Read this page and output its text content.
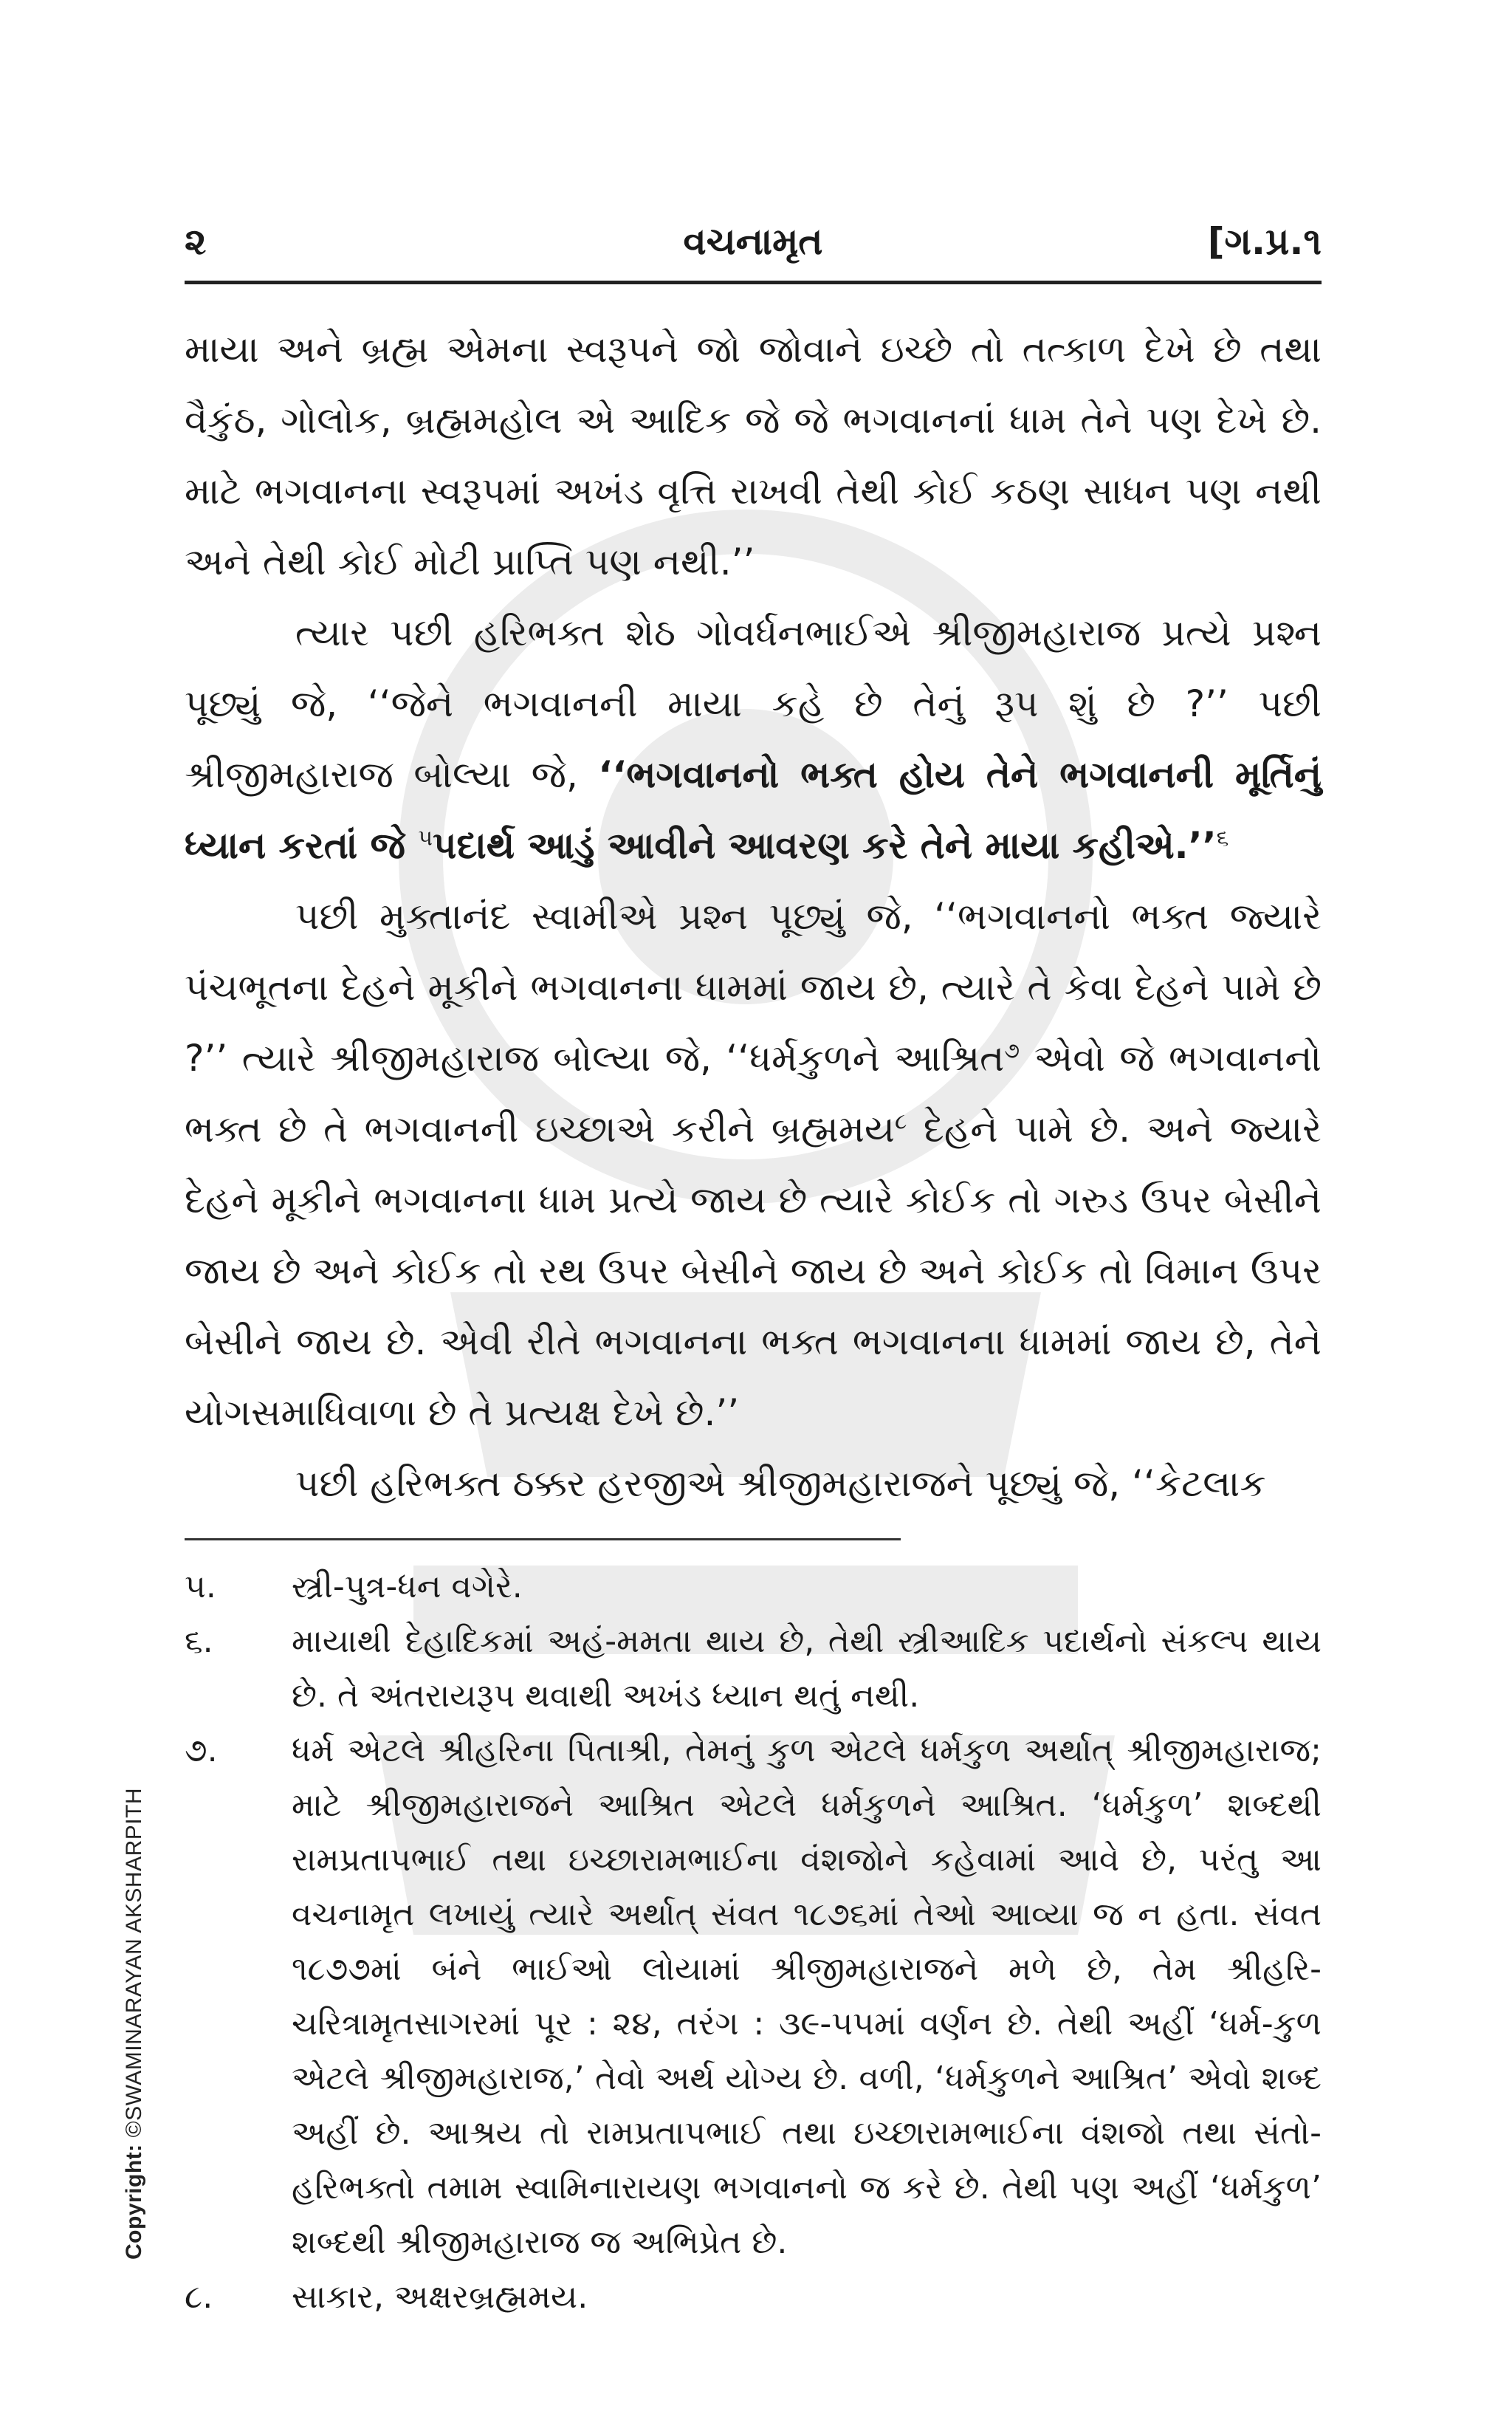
૨	વચનામૃત	[ગ.પ્ર.૧

માયા અને બ્રહ્મ એમના સ્વરૂપને જો જોવાને ઇચ્છે તો તત્કાળ દેખે છે તથા વૈકુંઠ, ગોલોક, બ્રહ્મમહોલ એ આદિક જે જે ભગવાનનાં ધામ તેને પણ દેખે છે. માટે ભગવાનના સ્વરૂપમાં અખંડ વૃત્તિ રાખવી તેથી કોઈ કઠણ સાધન પણ નથી અને તેથી કોઈ મોટી પ્રાપ્તિ પણ નથી.’’

ત્યાર પછી હરિભક્ત શેઠ ગોવર્ધનભાઈએ શ્રીજીમહારાજ પ્રત્યે પ્રશ્ન પૂછ્યું જે, ‘‘જેને ભગવાનની માયા કહે છે તેનું રૂપ શું છે ?’’ પછી શ્રીજીમહારાજ બોલ્યા જે, ‘‘ભગવાનનો ભક્ત હોય તેને ભગવાનની મૂર્તિનું ધ્યાન કરતાં જે $^૫$પદાર્થ આડું આવીને આવરણ કરે તેને માયા કહીએ.’’$^૬$

પછી મુક્તાનંદ સ્વામીએ પ્રશ્ન પૂછ્યું જે, ‘‘ભગવાનનો ભક્ત જ્યારે પંચભૂતના દેહને મૂકીને ભગવાનના ધામમાં જાય છે, ત્યારે તે કેવા દેહને પામે છે ?’’ ત્યારે શ્રીજીમહારાજ બોલ્યા જે, ‘‘ધર્મકુળને આશ્રિત$^૭$ એવો જે ભગવાનનો ભક્ત છે તે ભગવાનની ઇચ્છાએ કરીને બ્રહ્મમય$^૮$ દેહને પામે છે. અને જ્યારે દેહને મૂકીને ભગવાનના ધામ પ્રત્યે જાય છે ત્યારે કોઈક તો ગરુડ ઉપર બેસીને જાય છે અને કોઈક તો રથ ઉપર બેસીને જાય છે અને કોઈક તો વિમાન ઉપર બેસીને જાય છે. એવી રીતે ભગવાનના ભક્ત ભગવાનના ધામમાં જાય છે, તેને યોગસમાધિવાળા છે તે પ્રત્યક્ષ દેખે છે.’’

પછી હરિભક્ત ઠક્કર હરજીએ શ્રીજીમહારાજને પૂછ્યું જે, ‘‘કેટલાક

૫.	સ્ત્રી-પુત્ર-ધન વગેરે.
૬.	માયાથી દેહાદિકમાં અહં-મમતા થાય છે, તેથી સ્ત્રીઆદિક પદાર્થનો સંકલ્પ થાય છે. તે અંતરાયરૂપ થવાથી અખંડ ધ્યાન થતું નથી.
૭.	ધર્મ એટલે શ્રીહરિના પિતાશ્રી, તેમનું કુળ એટલે ધર્મકુળ અર્થાત્ શ્રીજીમહારાજ; માટે શ્રીજીમહારાજને આશ્રિત એટલે ધર્મકુળને આશ્રિત. ‘ધર્મકુળ’ શબ્દથી રામપ્રતાપભાઈ તથા ઇચ્છારામભાઈના વંશજોને કહેવામાં આવે છે, પરંતુ આ વચનામૃત લખાયું ત્યારે અર્થાત્ સંવત ૧૮૭૬માં તેઓ આવ્યા જ ન હતા. સંવત ૧૮૭૭માં બંને ભાઈઓ લોયામાં શ્રીજીમહારાજને મળે છે, તેમ શ્રીહરિ-ચરિત્રામૃતસાગરમાં પૂર : ૨૪, તરંગ : ૩૯-૫૫માં વર્ણન છે. તેથી અહીં ‘ધર્મ-કુળ એટલે શ્રીજીમહારાજ,’ તેવો અર્થ યોગ્ય છે. વળી, ‘ધર્મકુળને આશ્રિત’ એવો શબ્દ અહીં છે. આશ્રય તો રામપ્રતાપભાઈ તથા ઇચ્છારામભાઈના વંશજો તથા સંતો-હરિભક્તો તમામ સ્વામિનારાયણ ભગવાનનો જ કરે છે. તેથી પણ અહીં ‘ધર્મકુળ’ શબ્દથી શ્રીજીમહારાજ જ અભિપ્રેત છે.
૮.	સાકાર, અક્ષરબ્રહ્મમય.
Copyright: ©SWAMINARAYAN AKSHARPITH
